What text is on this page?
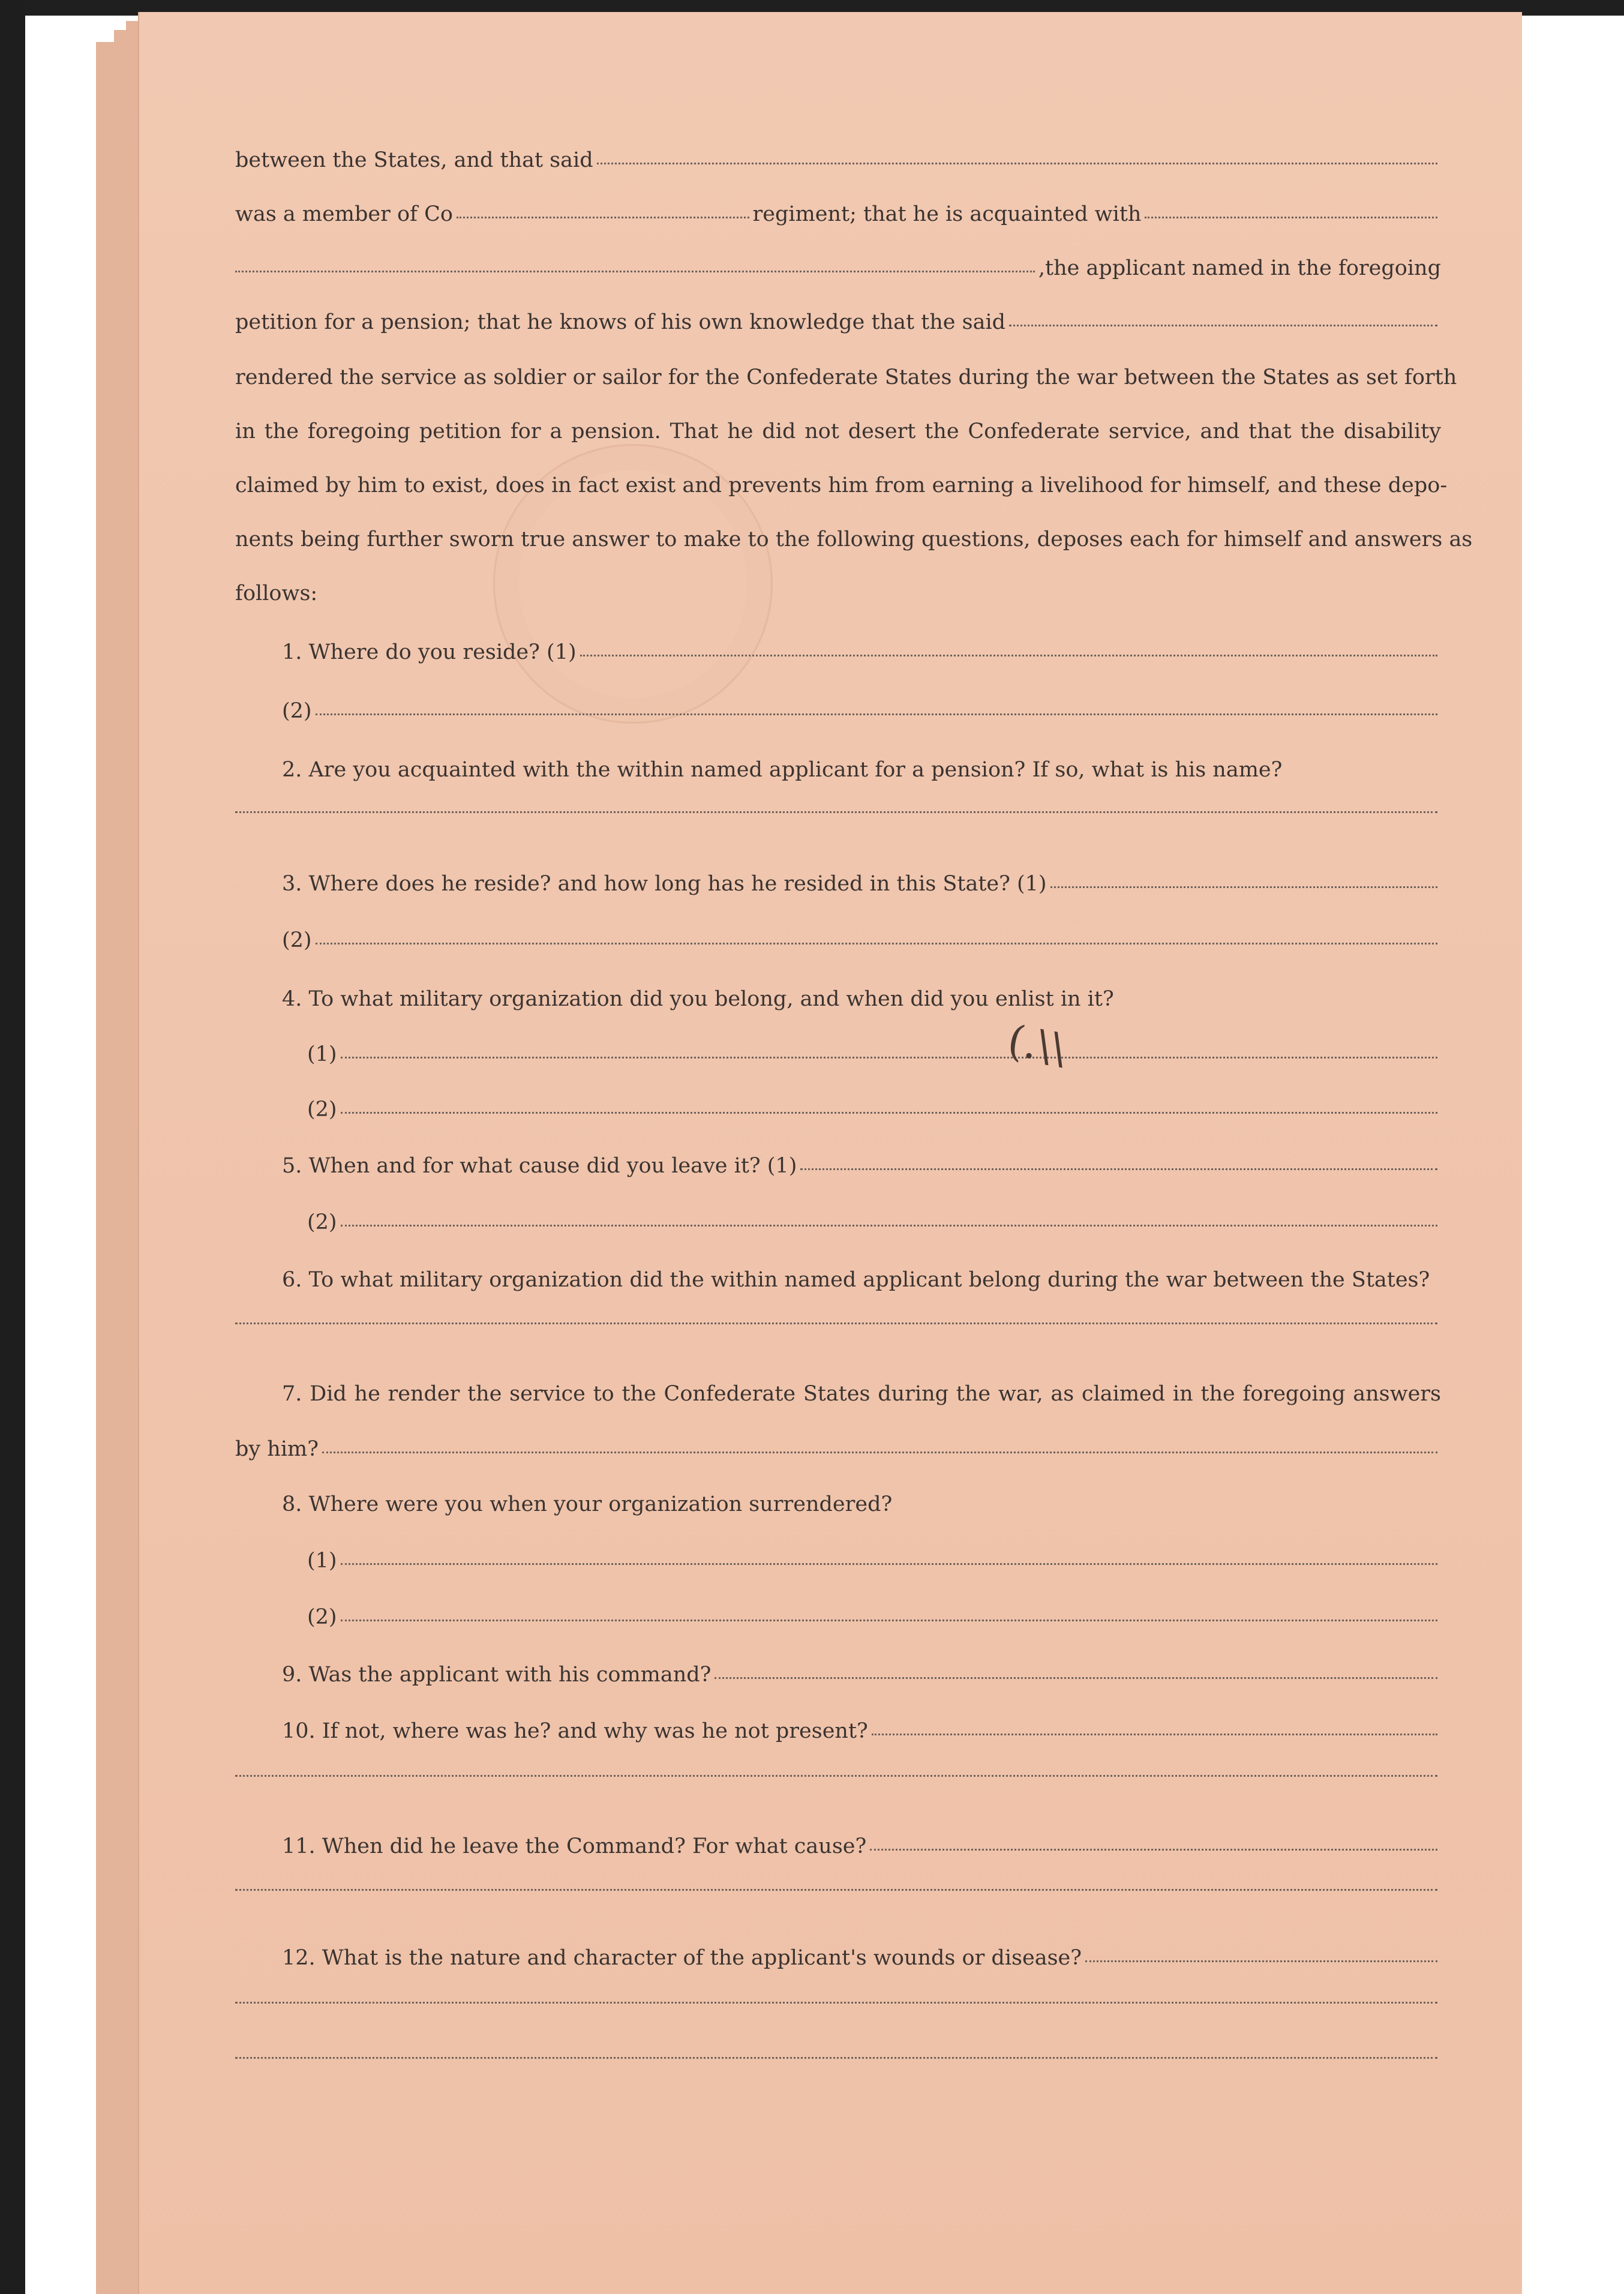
between the States, and that said
was a member of Co	regiment; that he is acquainted with
,the applicant named in the foregoing
petition for a pension; that he knows of his own knowledge that the said
rendered the service as soldier or sailor for the Confederate States during the war between the States as set forth
in the foregoing petition for a pension. That he did not desert the Confederate service, and that the disability
claimed by him to exist, does in fact exist and prevents him from earning a livelihood for himself, and these depo-
nents being further sworn true answer to make to the following questions, deposes each for himself and answers as
follows:
1. Where do you reside? (1)
(2)
2. Are you acquainted with the within named applicant for a pension? If so, what is his name?
3. Where does he reside? and how long has he resided in this State? (1)
(2)
4. To what military organization did you belong, and when did you enlist in it?
(1)
(2)
5. When and for what cause did you leave it? (1)
(2)
6. To what military organization did the within named applicant belong during the war between the States?
7. Did he render the service to the Confederate States during the war, as claimed in the foregoing answers
by him?
8. Where were you when your organization surrendered?
(1)
(2)
9. Was the applicant with his command?
10. If not, where was he? and why was he not present?
11. When did he leave the Command? For what cause?
12. What is the nature and character of the applicant's wounds or disease?
(.\\
